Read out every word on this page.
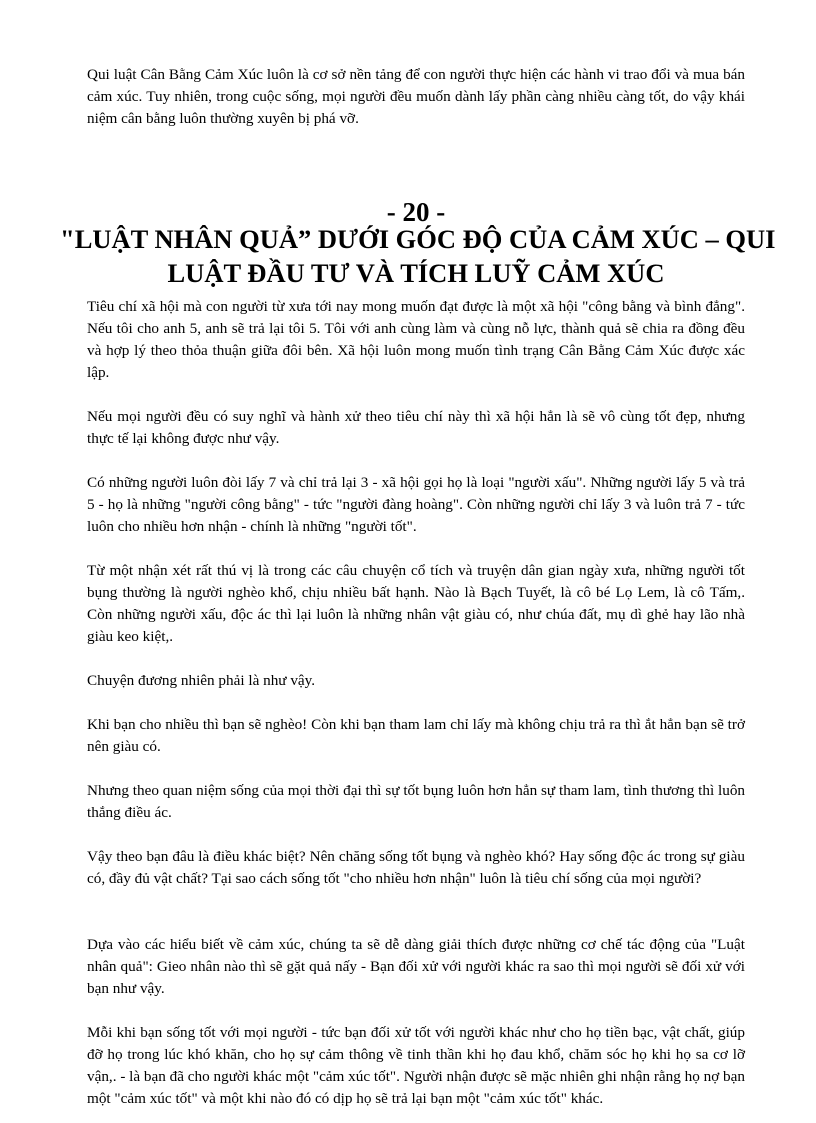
Qui luật Cân Bằng Cảm Xúc luôn là cơ sở nền tảng để con người thực hiện các hành vi trao đổi và mua bán cảm xúc. Tuy nhiên, trong cuộc sống, mọi người đều muốn dành lấy phần càng nhiều càng tốt, do vậy khái niệm cân bằng luôn thường xuyên bị phá vỡ.

- 20 -
"LUẬT NHÂN QUẢ” DƯỚI GÓC ĐỘ CỦA CẢM XÚC – QUI
LUẬT ĐẦU TƯ VÀ TÍCH LUỸ CẢM XÚC

Tiêu chí xã hội mà con người từ xưa tới nay mong muốn đạt được là một xã hội "công bằng và bình đẳng". Nếu tôi cho anh 5, anh sẽ trả lại tôi 5. Tôi với anh cùng làm và cùng nỗ lực, thành quả sẽ chia ra đồng đều và hợp lý theo thỏa thuận giữa đôi bên. Xã hội luôn mong muốn tình trạng Cân Bằng Cảm Xúc được xác lập.

Nếu mọi người đều có suy nghĩ và hành xử theo tiêu chí này thì xã hội hẳn là sẽ vô cùng tốt đẹp, nhưng thực tế lại không được như vậy.

Có những người luôn đòi lấy 7 và chỉ trả lại 3 - xã hội gọi họ là loại "người xấu". Những người lấy 5 và trả 5 - họ là những "người công bằng" - tức "người đàng hoàng". Còn những người chỉ lấy 3 và luôn trả 7 - tức luôn cho nhiều hơn nhận - chính là những "người tốt".

Từ một nhận xét rất thú vị là trong các câu chuyện cổ tích và truyện dân gian ngày xưa, những người tốt bụng thường là người nghèo khổ, chịu nhiều bất hạnh. Nào là Bạch Tuyết, là cô bé Lọ Lem, là cô Tấm,. Còn những người xấu, độc ác thì lại luôn là những nhân vật giàu có, như chúa đất, mụ dì ghẻ hay lão nhà giàu keo kiệt,.

Chuyện đương nhiên phải là như vậy.

Khi bạn cho nhiều thì bạn sẽ nghèo! Còn khi bạn tham lam chỉ lấy mà không chịu trả ra thì ắt hẳn bạn sẽ trở nên giàu có.

Nhưng theo quan niệm sống của mọi thời đại thì sự tốt bụng luôn hơn hẳn sự tham lam, tình thương thì luôn thắng điều ác.

Vậy theo bạn đâu là điều khác biệt? Nên chăng sống tốt bụng và nghèo khó? Hay sống độc ác trong sự giàu có, đầy đủ vật chất? Tại sao cách sống tốt "cho nhiều hơn nhận" luôn là tiêu chí sống của mọi người?

Dựa vào các hiểu biết về cảm xúc, chúng ta sẽ dễ dàng giải thích được những cơ chế tác động của "Luật nhân quả": Gieo nhân nào thì sẽ gặt quả nấy - Bạn đối xử với người khác ra sao thì mọi người sẽ đối xử với bạn như vậy.

Mỗi khi bạn sống tốt với mọi người - tức bạn đối xử tốt với người khác như cho họ tiền bạc, vật chất, giúp đỡ họ trong lúc khó khăn, cho họ sự cảm thông về tinh thần khi họ đau khổ, chăm sóc họ khi họ sa cơ lỡ vận,. - là bạn đã cho người khác một "cảm xúc tốt". Người nhận được sẽ mặc nhiên ghi nhận rằng họ nợ bạn một "cảm xúc tốt" và một khi nào đó có dịp họ sẽ trả lại bạn một "cảm xúc tốt" khác.
